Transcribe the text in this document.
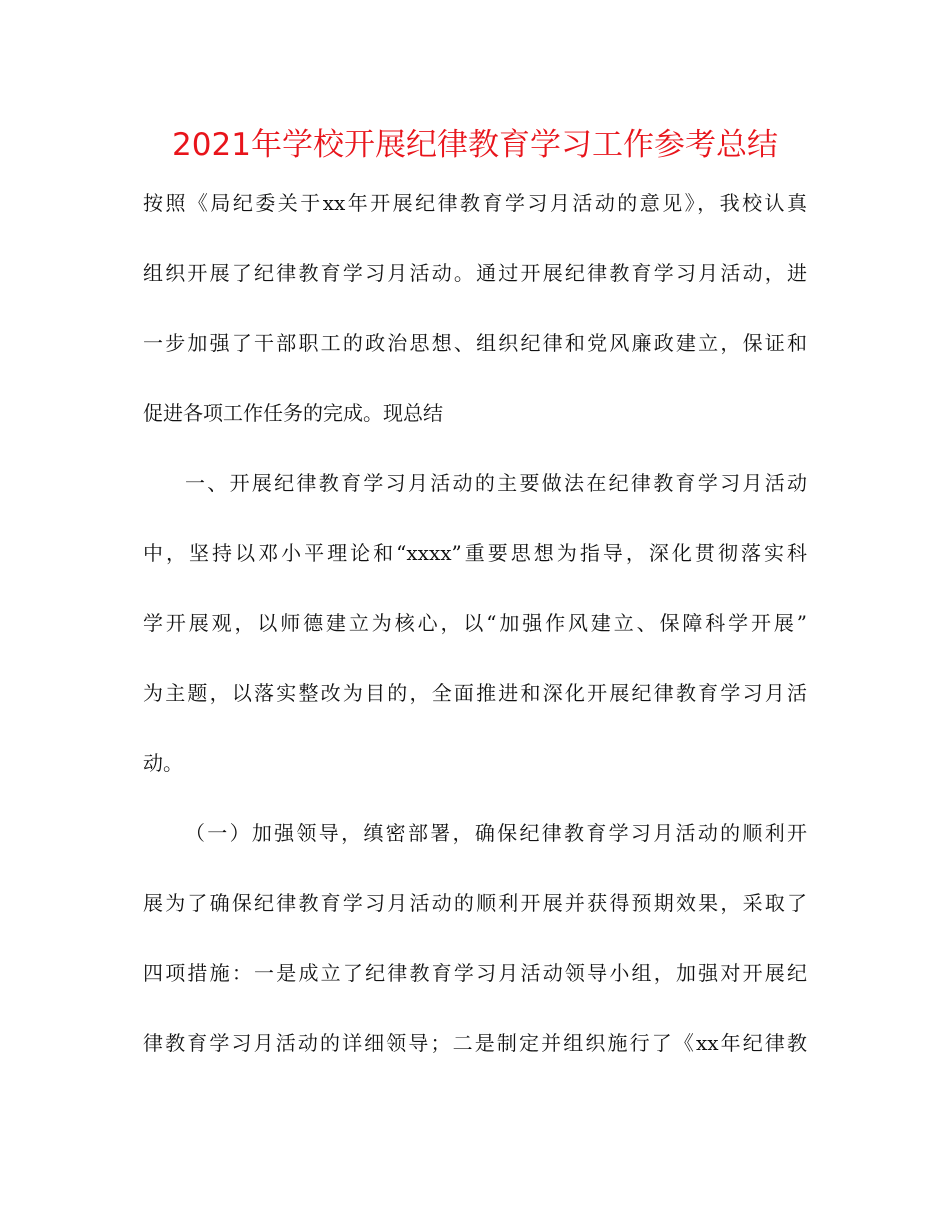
2021年学校开展纪律教育学习工作参考总结
按照《局纪委关于xx年开展纪律教育学习月活动的意见》，我校认真
组织开展了纪律教育学习月活动。通过开展纪律教育学习月活动，进
一步加强了干部职工的政治思想、组织纪律和党风廉政建立，保证和
促进各项工作任务的完成。现总结
一、开展纪律教育学习月活动的主要做法在纪律教育学习月活动
中，坚持以邓小平理论和“xxxx”重要思想为指导，深化贯彻落实科
学开展观，以师德建立为核心，以“加强作风建立、保障科学开展”
为主题，以落实整改为目的，全面推进和深化开展纪律教育学习月活
动。
（一）加强领导，缜密部署，确保纪律教育学习月活动的顺利开
展为了确保纪律教育学习月活动的顺利开展并获得预期效果，采取了
四项措施：一是成立了纪律教育学习月活动领导小组，加强对开展纪
律教育学习月活动的详细领导；二是制定并组织施行了《xx年纪律教
